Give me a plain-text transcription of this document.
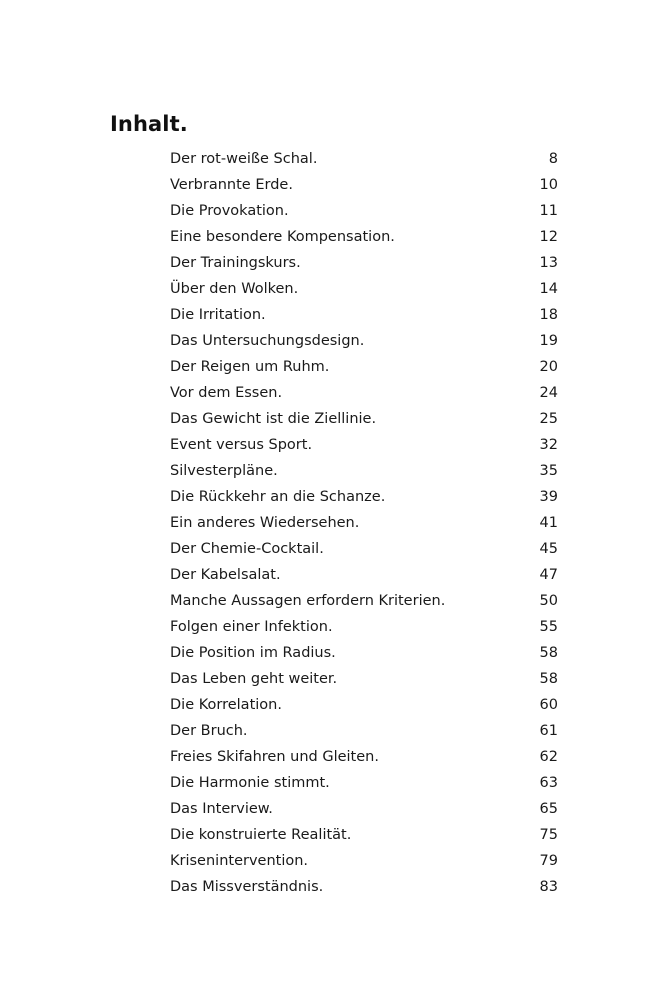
Inhalt.
Der rot-weiße Schal.	8
Verbrannte Erde.	10
Die Provokation.	11
Eine besondere Kompensation.	12
Der Trainingskurs.	13
Über den Wolken.	14
Die Irritation.	18
Das Untersuchungsdesign.	19
Der Reigen um Ruhm.	20
Vor dem Essen.	24
Das Gewicht ist die Ziellinie.	25
Event versus Sport.	32
Silvesterpläne.	35
Die Rückkehr an die Schanze.	39
Ein anderes Wiedersehen.	41
Der Chemie-Cocktail.	45
Der Kabelsalat.	47
Manche Aussagen erfordern Kriterien.	50
Folgen einer Infektion.	55
Die Position im Radius.	58
Das Leben geht weiter.	58
Die Korrelation.	60
Der Bruch.	61
Freies Skifahren und Gleiten.	62
Die Harmonie stimmt.	63
Das Interview.	65
Die konstruierte Realität.	75
Krisenintervention.	79
Das Missverständnis.	83
